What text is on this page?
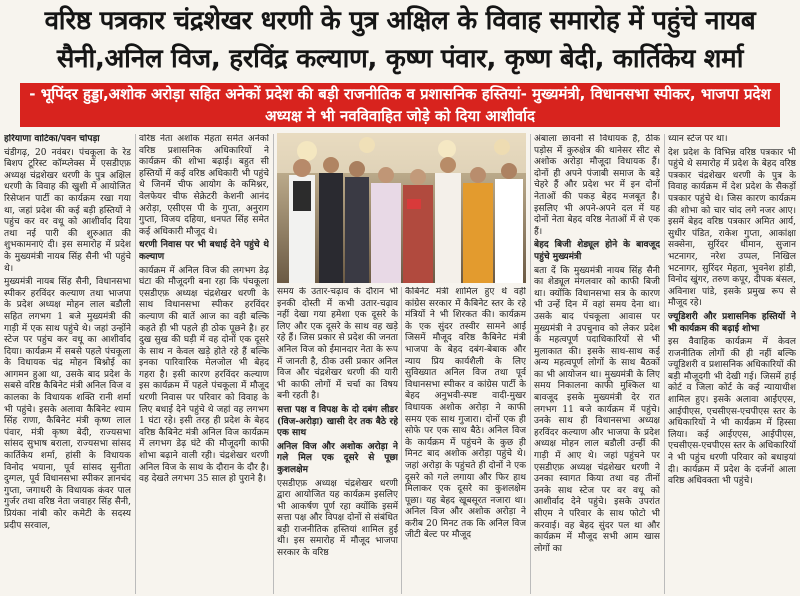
वरिष्ठ पत्रकार चंद्रशेखर धरणी के पुत्र अक्षिल के विवाह समारोह में पहुंचे नायब सैनी,अनिल विज, हरविंद्र कल्याण, कृष्ण पंवार, कृष्ण बेदी, कार्तिकेय शर्मा
- भूपिंदर हुड्डा,अशोक अरोड़ा सहित अनेकों प्रदेश की बड़ी राजनीतिक व प्रशासनिक हस्तियां- मुख्यमंत्री, विधानसभा स्पीकर, भाजपा प्रदेश अध्यक्ष ने भी नवविवाहित जोड़े को दिया आशीर्वाद

हरियाणा वाटिका/पवन चोपड़ा

चंडीगढ़, 20 नवंबर। पंचकूला के रेड बिशप टूरिस्ट कॉम्प्लेक्स में एसडीएफ़ अध्यक्ष चंद्रशेखर धरणी के पुत्र अक्षिल धरणी के विवाह की खुशी में आयोजित रिसेप्शन पार्टी का कार्यक्रम रखा गया था, जहां प्रदेश की कई बड़ी हस्तियों ने पहुंच कर वर वधू को आशीर्वाद दिया तथा नई पारी की शुरुआत की शुभकामनाएं दी। इस समारोह में प्रदेश के मुख्यमंत्री नायब सिंह सैनी भी पहुंचे थे।

मुख्यमंत्री नायब सिंह सैनी, विधानसभा स्पीकर हरविंदर कल्याण तथा भाजपा के प्रदेश अध्यक्ष मोहन लाल बडौली सहित लगभग 1 बजे मुख्यमंत्री की गाड़ी में एक साथ पहुंचे थे। जहां उन्होंने स्टेज पर पहुंच कर वधू का आशीर्वाद दिया। कार्यक्रम में सबसे पहले पंचकूला के विधायक चंद्र मोहन बिश्नोई का आगमन हुआ था, उसके बाद प्रदेश के सबसे वरिष्ठ कैबिनेट मंत्री अनिल विज व कालका के विधायक शक्ति रानी शर्मा भी पहुंचे। इसके अलावा कैबिनेट श्याम सिंह राणा, कैबिनेट मंत्री कृष्ण लाल पंवार, मंत्री कृष्ण बेदी, राज्यसभा सांसद सुभाष बराला, राज्यसभा सांसद कार्तिकेय शर्मा, हांसी के विधायक विनोद भयाना, पूर्व सांसद सुनीता दुग्गल, पूर्व विधानसभा स्पीकर ज्ञानचंद गुप्ता, जगाधरी के विधायक कंवर पाल गुर्जर तथा वरिष्ठ नेता जवाहर सिंह सैनी, प्रियंका नांबी कोर कमेटी के सदस्य प्रदीप सरवाल,

वरिष्ठ नेता अशोक मेहता समेत अनेकों वरिष्ठ प्रशासनिक अधिकारियों ने कार्यक्रम की शोभा बढ़ाई। बहुत सी हस्तियों में कई वरिष्ठ अधिकारी भी पहुंचे थे जिनमें चीफ आयोग के कमिश्नर, वेलफेयर चीफ सेक्रेटरी केशनी आनंद अरोड़ा, एसीएस पी के गुप्ता, अनुराग गुप्ता, विजय दहिया, धनपत सिंह समेत कई अधिकारी मौजूद थे।

धरणी निवास पर भी बधाई देने पहुंचे थे कल्याण

कार्यक्रम में अनिल विज की लगभग डेढ़ घंटा की मौजूदगी बना रहा कि पंचकूला एसडीएफ़ अध्यक्ष चंद्रशेखर धरणी के साथ विधानसभा स्पीकर हरविंदर कल्याण की बातें आज का वही बल्कि कहते ही भी पहले ही ठोक पूछने है। हर दुख सुख की घड़ी में वह दोनों एक दूसरे के साथ न केवल खड़े होते रहे हैं बल्कि इनका पारिवारिक मेलजोल भी बेहद गहरा है। इसी कारण हरविंदर कल्याण इस कार्यक्रम में पहले पंचकूला में मौजूद धरणी निवास पर परिवार को विवाह के लिए बधाई देने पहुंचे थे जहां वह लगभग 1 घंटा रहे। इसी तरह ही प्रदेश के बेहद वरिष्ठ कैबिनेट मंत्री अनिल विज कार्यक्रम में लगभग डेढ़ घंटे की मौजूदगी काफी शोभा बढ़ाने वाली रही। चंद्रशेखर धरणी अनिल विज के साथ के दौरान के दौर है। वह देखते लगभग 35 साल हो पुराने है।

समय के उतार-चढ़ाव के दौरान भी इनकी दोस्ती में कभी उतार-चढ़ाव नहीं देखा गया हमेशा एक दूसरे के लिए और एक दूसरे के साथ वह खड़े रहे हैं। जिस प्रकार से प्रदेश की जनता अनिल विज को ईमानदार नेता के रूप में जानती है, ठीक उसी प्रकार अनिल विज और चंद्रशेखर धरणी की यारी भी काफी लोगों में चर्चा का विषय बनी रहती है।

सत्ता पक्ष व विपक्ष के दो दबंग लीडर (विज-अरोड़ा) खासी देर तक बैठे रहे एक साथ

अनिल विज और अशोक अरोड़ा ने गले मिल एक दूसरे से पूछा कुशलक्षेम

एसडीएफ़ अध्यक्ष चंद्रशेखर धरणी द्वारा आयोजित यह कार्यक्रम इसलिए भी आकर्षण पूर्ण रहा क्योंकि इसमें सत्ता पक्ष और विपक्ष दोनों से संबंधित बड़ी राजनीतिक हस्तियां शामिल हुई थी। इस समारोह में मौजूद भाजपा सरकार के वरिष्ठ

कैबिनेट मंत्री शामिल हुए थे वहीं कांग्रेस सरकार में कैबिनेट स्तर के रहे मंत्रियों ने भी शिरकत की। कार्यक्रम के एक सुंदर तस्वीर सामने आई जिसमें मौजूद वरिष्ठ कैबिनेट मंत्री भाजपा के बेहद दबंग-बेबाक और न्याय प्रिय कार्यशैली के लिए सुविख्यात अनिल विज तथा पूर्व विधानसभा स्पीकर व कांग्रेस पार्टी के बेहद अनुभवी-स्पष्ट वादी-मुखर विधायक अशोक अरोड़ा ने काफी समय एक साथ गुजारा। दोनों एक ही सोफे पर एक साथ बैठे। अनिल विज के कार्यक्रम में पहुंचने के कुछ ही मिनट बाद अशोक अरोड़ा पहुंचे थे। जहां अरोड़ा के पहुंचते ही दोनों ने एक दूसरे को गले लगाया और फिर हाथ मिलाकर एक दूसरे का कुशलक्षेम पूछा। यह बेहद खूबसूरत नजारा था। अनिल विज और अशोक अरोड़ा ने करीब 20 मिनट तक कि अनिल विज जीटी बेल्ट पर मौजूद

अंबाला छावनी से विधायक हैं, ठीक पड़ोस में कुरुक्षेत्र की थानेसर सीट से अशोक अरोड़ा मौजूदा विधायक हैं। दोनों ही अपने पंजाबी समाज के बड़े चेहरे हैं और प्रदेश भर में इन दोनों नेताओं की पकड़ बेहद मजबूत है। इसलिए भी अपने-अपने दल में यह दोनों नेता बेहद वरिष्ठ नेताओं में से एक हैं।

बेहद बिजी शेड्यूल होने के बावजूद पहुंचे मुख्यमंत्री

बता दें कि मुख्यमंत्री नायब सिंह सैनी का शेड्यूल मंगलवार को काफी बिजी था। क्योंकि विधानसभा सत्र के कारण भी उन्हें दिन में वहां समय देना था। उसके बाद पंचकूला आवास पर मुख्यमंत्री ने उपचुनाव को लेकर प्रदेश के महत्वपूर्ण पदाधिकारियों से भी मुलाकात की। इसके साथ-साथ कई अन्य महत्वपूर्ण लोगों के साथ बैठकों का भी आयोजन था। मुख्यमंत्री के लिए समय निकालना काफी मुश्किल था बावजूद इसके मुख्यमंत्री देर रात लगभग 11 बजे कार्यक्रम में पहुंचे। उनके साथ ही विधानसभा अध्यक्ष हरविंदर कल्याण और भाजपा के प्रदेश अध्यक्ष मोहन लाल बडौली उन्हीं की गाड़ी में आए थे। जहां पहुंचने पर एसडीएफ़ अध्यक्ष चंद्रशेखर धरणी ने उनका स्वागत किया तथा वह तीनों उनके साथ स्टेज पर वर वधू को आशीर्वाद देने पहुंचे। इसके उपरांत सीएम ने परिवार के साथ फोटो भी करवाई। वह बेहद सुंदर पल था और कार्यक्रम में मौजूद सभी आम खास लोगों का

ध्यान स्टेज पर था।

देश प्रदेश के विभिन्न वरिष्ठ पत्रकार भी पहुंचे थे समारोह में प्रदेश के बेहद वरिष्ठ पत्रकार चंद्रशेखर धरणी के पुत्र के विवाह कार्यक्रम में देश प्रदेश के सैकड़ों पत्रकार पहुंचे थे। जिस कारण कार्यक्रम की शोभा को चार चांद लगे नजर आए। इसमें बेहद वरिष्ठ पत्रकार अमित आर्य, सुधीर पंडित, राकेश गुप्ता, आकांक्षा सक्सेना, सुरिंदर धीमान, सुजान भटनागर, नरेश उप्पल, निखिल भटनागर, सुरिंदर मेहता, भुवनेश हांडी, विनोद खुंगर, तरुण कपूर, दीपक बंसल, अविनाश पांडे, इसके प्रमुख रूप से मौजूद रहे।

ज्यूडिशरी और प्रशासनिक हस्तियों ने भी कार्यक्रम की बढ़ाई शोभा

इस वैवाहिक कार्यक्रम में केवल राजनीतिक लोगों की ही नहीं बल्कि ज्यूडिशरी व प्रशासनिक अधिकारियों की बड़ी मौजूदगी भी देखी गई। जिसमें हाई कोर्ट व जिला कोर्ट के कई न्यायाधीश शामिल हुए। इसके अलावा आईएएस, आईपीएस, एचसीएस-एचपीएस स्तर के अधिकारियों ने भी कार्यक्रम में हिस्सा लिया। कई आईएएस, आईपीएस, एचसीएस-एचपीएस स्तर के अधिकारियों ने भी पहुंच धरणी परिवार को बधाइयां दी। कार्यक्रम में प्रदेश के दर्जनों आला वरिष्ठ अधिवक्ता भी पहुंचे।
